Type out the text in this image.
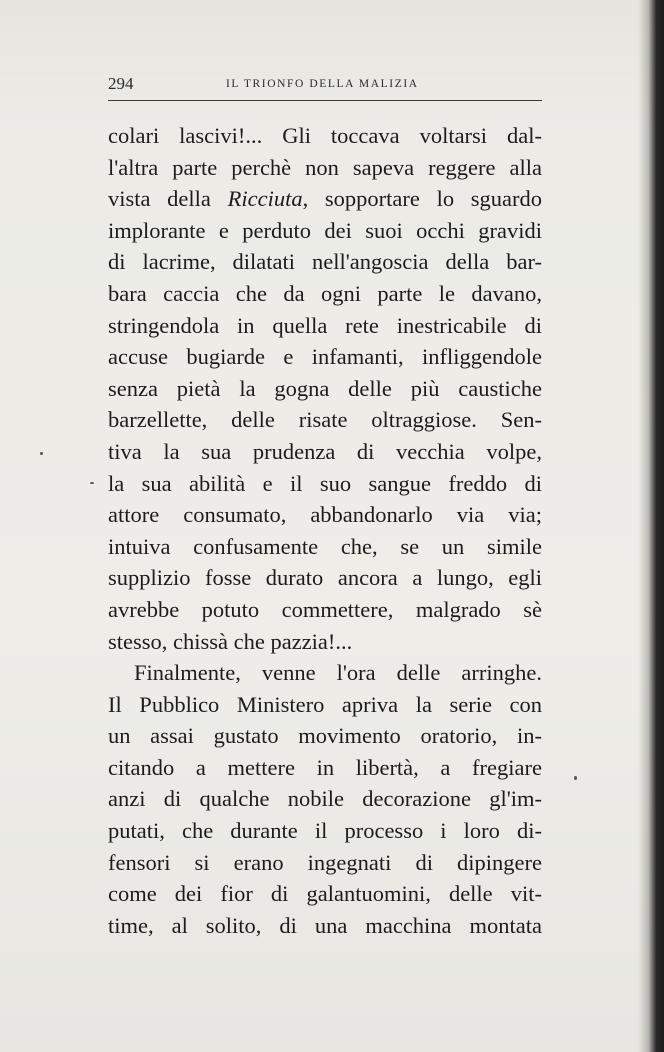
294	IL TRIONFO DELLA MALIZIA
colari lascivi!... Gli toccava voltarsi dal-
l'altra parte perchè non sapeva reggere alla
vista della Ricciuta, sopportare lo sguardo
implorante e perduto dei suoi occhi gravidi
di lacrime, dilatati nell'angoscia della bar-
bara caccia che da ogni parte le davano,
stringendola in quella rete inestricabile di
accuse bugiarde e infamanti, infliggendole
senza pietà la gogna delle più caustiche
barzellette, delle risate oltraggiose. Sen-
tiva la sua prudenza di vecchia volpe,
la sua abilità e il suo sangue freddo di
attore consumato, abbandonarlo via via;
intuiva confusamente che, se un simile
supplizio fosse durato ancora a lungo, egli
avrebbe potuto commettere, malgrado sè
stesso, chissà che pazzia!...
Finalmente, venne l'ora delle arringhe.
Il Pubblico Ministero apriva la serie con
un assai gustato movimento oratorio, in-
citando a mettere in libertà, a fregiare
anzi di qualche nobile decorazione gl'im-
putati, che durante il processo i loro di-
fensori si erano ingegnati di dipingere
come dei fior di galantuomini, delle vit-
time, al solito, di una macchina montata
